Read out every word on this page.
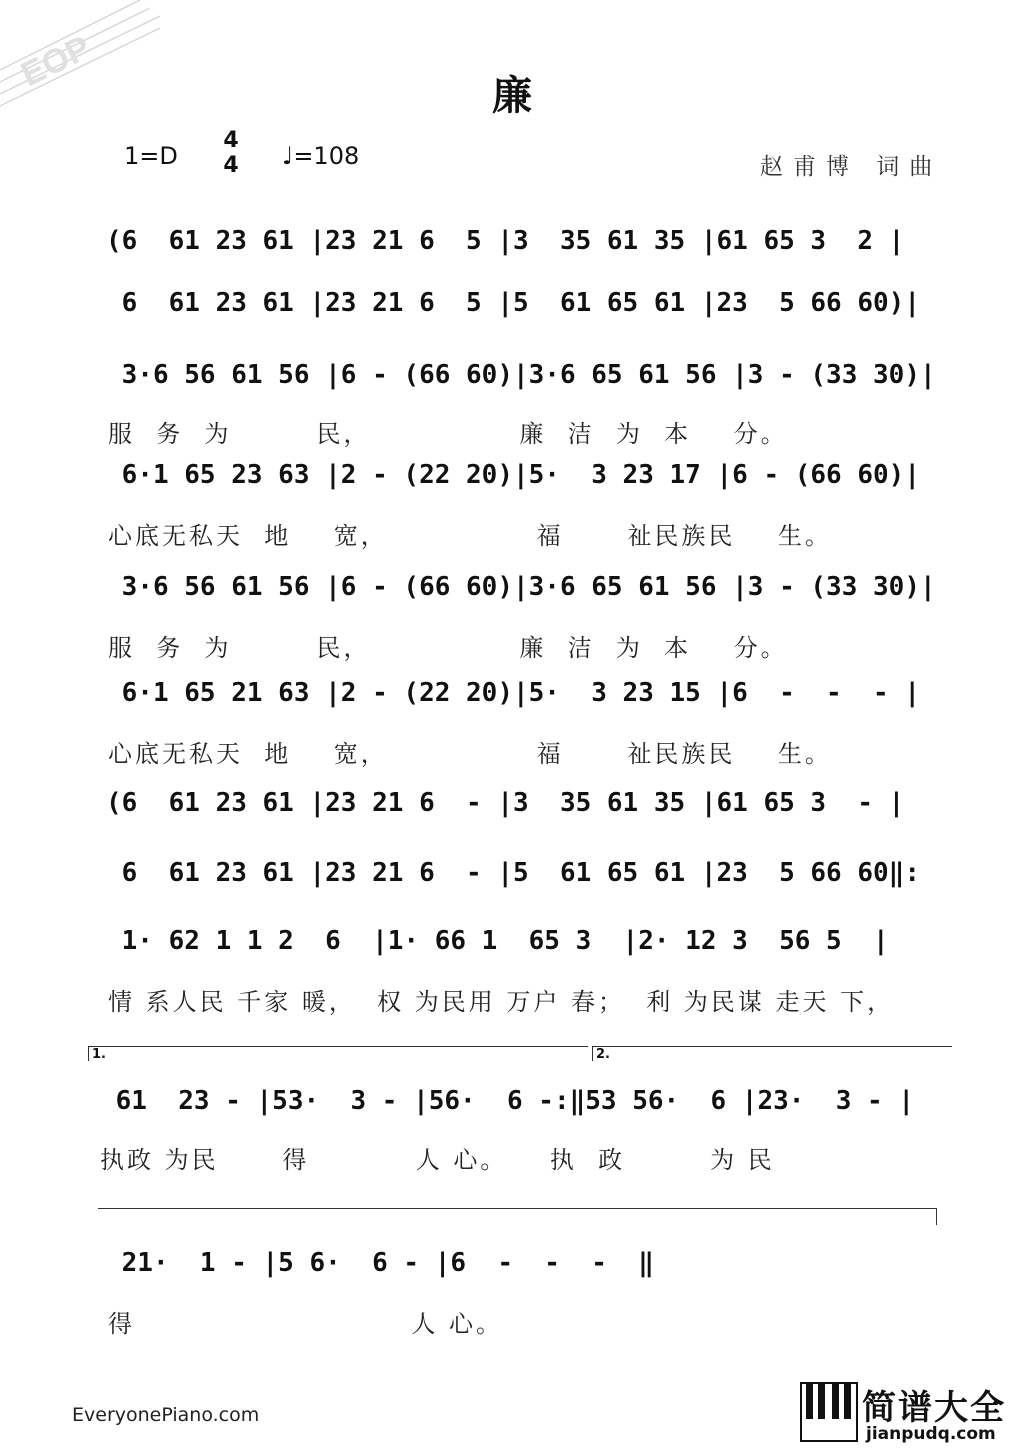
EOP
廉
1=D
4
4 ♩=108	赵甫博 词曲
(6  61 23 61 |23 21 6  5 |3  35 61 35 |61 65 3  2 |
6  61 23 61 |23 21 6  5 |5  61 65 61 |23  5 66 60)|
3·6 56 61 56 |6 - (66 60)|3·6 65 61 56 |3 - (33 30)|
服  务  为        民，              廉  洁  为  本    分。
6·1 65 23 63 |2 - (22 20)|5·  3 23 17 |6 - (66 60)|
心底无私天  地    宽，              福      祉民族民    生。
3·6 56 61 56 |6 - (66 60)|3·6 65 61 56 |3 - (33 30)|
服  务  为        民，              廉  洁  为  本    分。
6·1 65 21 63 |2 - (22 20)|5·  3 23 15 |6  -  -  - |
心底无私天  地    宽，              福      祉民族民    生。
(6  61 23 61 |23 21 6  - |3  35 61 35 |61 65 3  - |
6  61 23 61 |23 21 6  - |5  61 65 61 |23  5 66 60‖:
1· 62 1 1 2  6  |1· 66 1  65 3  |2· 12 3  56 5  |
情 系人民 千家 暖，  权 为民用 万户 春；  利 为民谋 走天 下，
1.	2.
61  23 - |53·  3 - |56·  6 -:‖53 56·  6 |23·  3 - |
执政 为民      得          人 心。    执  政        为 民
21·  1 - |5 6·  6 - |6  -  -  -  ‖
得                          人 心。
EveryonePiano.com	简谱大全
jianpudq.com
